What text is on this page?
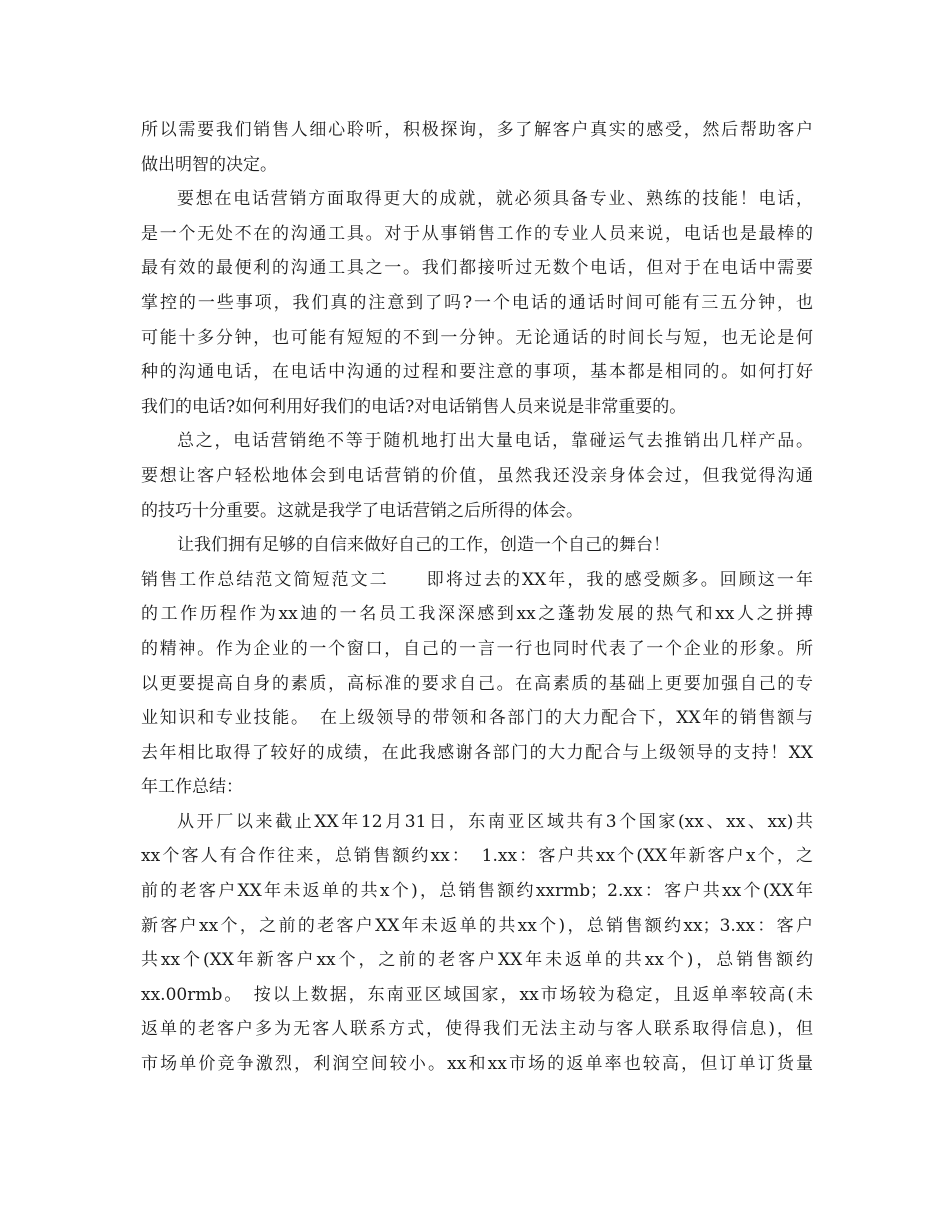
所以需要我们销售人细心聆听，积极探询，多了解客户真实的感受，然后帮助客户
做出明智的决定。
要想在电话营销方面取得更大的成就，就必须具备专业、熟练的技能！电话，
是一个无处不在的沟通工具。对于从事销售工作的专业人员来说，电话也是最棒的
最有效的最便利的沟通工具之一。我们都接听过无数个电话，但对于在电话中需要
掌控的一些事项，我们真的注意到了吗?一个电话的通话时间可能有三五分钟，也
可能十多分钟，也可能有短短的不到一分钟。无论通话的时间长与短，也无论是何
种的沟通电话，在电话中沟通的过程和要注意的事项，基本都是相同的。如何打好
我们的电话?如何利用好我们的电话?对电话销售人员来说是非常重要的。
总之，电话营销绝不等于随机地打出大量电话，靠碰运气去推销出几样产品。
要想让客户轻松地体会到电话营销的价值，虽然我还没亲身体会过，但我觉得沟通
的技巧十分重要。这就是我学了电话营销之后所得的体会。
让我们拥有足够的自信来做好自己的工作，创造一个自己的舞台！
销售工作总结范文简短范文二　　即将过去的XX年，我的感受颇多。回顾这一年
的工作历程作为xx迪的一名员工我深深感到xx之蓬勃发展的热气和xx人之拼搏
的精神。作为企业的一个窗口，自己的一言一行也同时代表了一个企业的形象。所
以更要提高自身的素质，高标准的要求自己。在高素质的基础上更要加强自己的专
业知识和专业技能。　在上级领导的带领和各部门的大力配合下，XX年的销售额与
去年相比取得了较好的成绩，在此我感谢各部门的大力配合与上级领导的支持！XX
年工作总结：
从开厂以来截止XX年12月31日，东南亚区域共有3个国家(xx、xx、xx)共
xx个客人有合作往来，总销售额约xx：　1.xx：客户共xx个(XX年新客户x个，之
前的老客户XX年未返单的共x个)，总销售额约xxrmb；2.xx：客户共xx个(XX年
新客户xx个，之前的老客户XX年未返单的共xx个)，总销售额约xx；3.xx：客户
共xx个(XX年新客户xx个，之前的老客户XX年未返单的共xx个)，总销售额约
xx.00rmb。　按以上数据，东南亚区域国家，xx市场较为稳定，且返单率较高(未
返单的老客户多为无客人联系方式，使得我们无法主动与客人联系取得信息)，但
市场单价竞争激烈，利润空间较小。xx和xx市场的返单率也较高，但订单订货量
